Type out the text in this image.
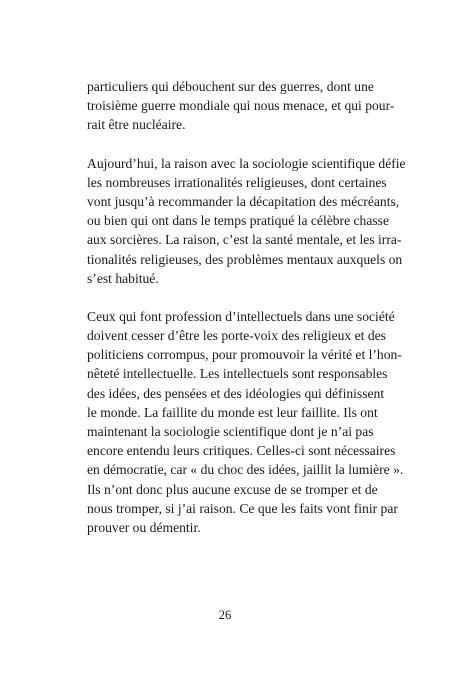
particuliers qui débouchent sur des guerres, dont une
troisième guerre mondiale qui nous menace, et qui pour-
rait être nucléaire.

Aujourd’hui, la raison avec la sociologie scientifique défie
les nombreuses irrationalités religieuses, dont certaines
vont jusqu’à recommander la décapitation des mécréants,
ou bien qui ont dans le temps pratiqué la célèbre chasse
aux sorcières. La raison, c’est la santé mentale, et les irra-
tionalités religieuses, des problèmes mentaux auxquels on
s’est habitué.

Ceux qui font profession d’intellectuels dans une société
doivent cesser d’être les porte-voix des religieux et des
politiciens corrompus, pour promouvoir la vérité et l’hon-
nêteté intellectuelle. Les intellectuels sont responsables
des idées, des pensées et des idéologies qui définissent
le monde. La faillite du monde est leur faillite. Ils ont
maintenant la sociologie scientifique dont je n’ai pas
encore entendu leurs critiques. Celles-ci sont nécessaires
en démocratie, car « du choc des idées, jaillit la lumière ».
Ils n’ont donc plus aucune excuse de se tromper et de
nous tromper, si j’ai raison. Ce que les faits vont finir par
prouver ou démentir.

26
